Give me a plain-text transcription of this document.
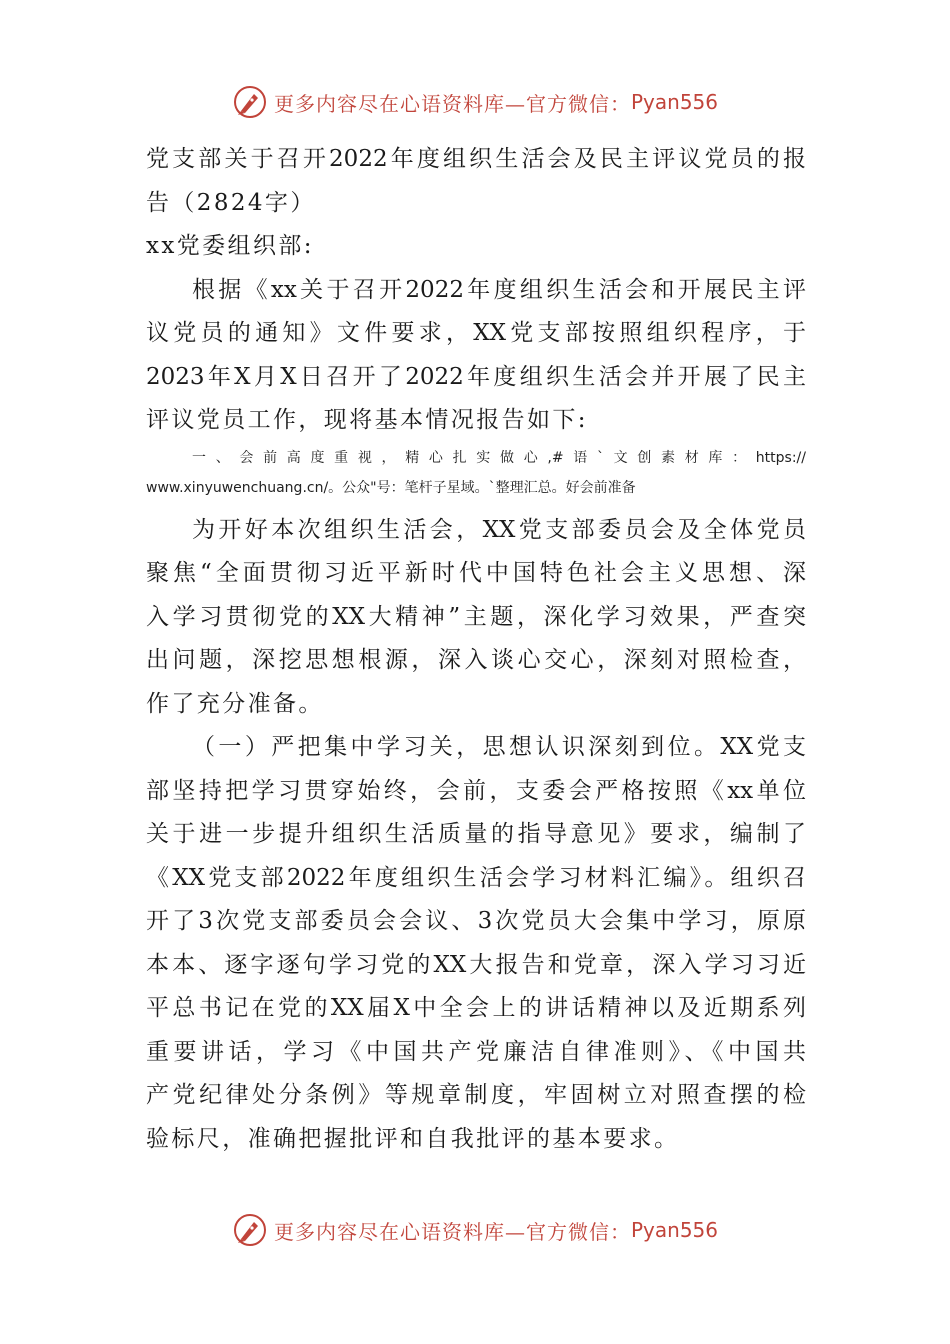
更多内容尽在心语资料库—官方微信： Pyan556
党支部关于召开2022年度组织生活会及民主评议党员的报
告（2824字）
xx党委组织部:
根据《xx关于召开2022年度组织生活会和开展民主评
议党员的通知》文件要求，XX党支部按照组织程序，于
2023年X月X日召开了2022年度组织生活会并开展了民主
评议党员工作，现将基本情况报告如下:
一、会前高度重视，精心扎实做心,#语`文创素材库：https://
www.xinyuwenchuang.cn/。公众"号：笔杆子星域。`整理汇总。好会前准备
为开好本次组织生活会，XX党支部委员会及全体党员
聚焦“全面贯彻习近平新时代中国特色社会主义思想、深
入学习贯彻党的XX大精神”主题，深化学习效果，严查突
出问题，深挖思想根源，深入谈心交心，深刻对照检查，
作了充分准备。
（一）严把集中学习关，思想认识深刻到位。XX党支
部坚持把学习贯穿始终，会前，支委会严格按照《xx单位
关于进一步提升组织生活质量的指导意见》要求，编制了
《XX党支部2022年度组织生活会学习材料汇编》。组织召
开了3次党支部委员会会议、3次党员大会集中学习，原原
本本、逐字逐句学习党的XX大报告和党章，深入学习习近
平总书记在党的XX届X中全会上的讲话精神以及近期系列
重要讲话，学习《中国共产党廉洁自律准则》、《中国共
产党纪律处分条例》等规章制度，牢固树立对照查摆的检
验标尺，准确把握批评和自我批评的基本要求。
更多内容尽在心语资料库—官方微信： Pyan556
